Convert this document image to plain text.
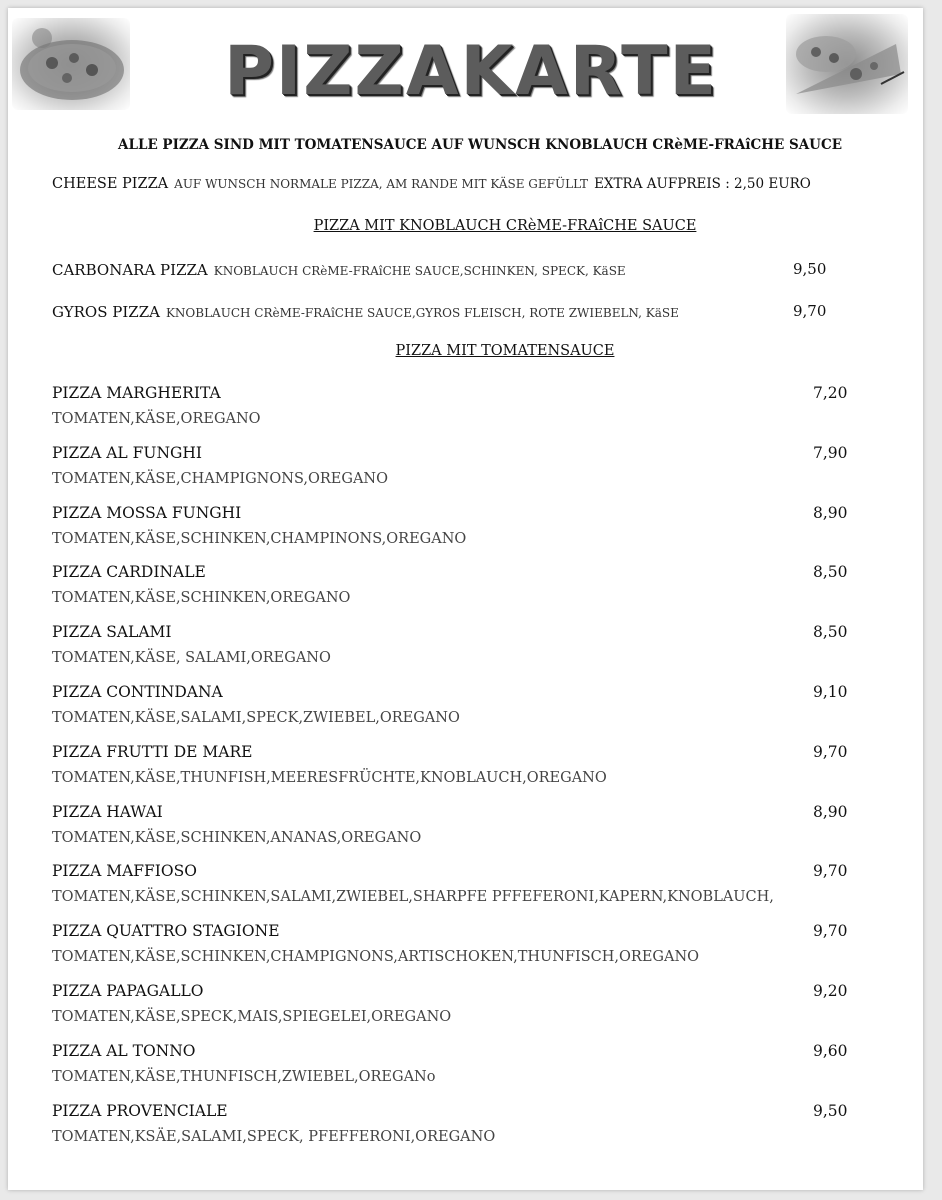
PIZZAKARTE
ALLE PIZZA SIND MIT TOMATENSAUCE AUF WUNSCH KNOBLAUCH CRèME-FRAîCHE SAUCE
CHEESE PIZZA AUF WUNSCH NORMALE PIZZA, AM RANDE MIT KÄSE GEFÜLLT EXTRA AUFPREIS : 2,50 EURO
PIZZA MIT KNOBLAUCH CRèME-FRAîCHE SAUCE
CARBONARA PIZZA KNOBLAUCH CRèME-FRAîCHE SAUCE,SCHINKEN, SPECK, KäSE	9,50
GYROS PIZZA KNOBLAUCH CRèME-FRAîCHE SAUCE,GYROS FLEISCH, ROTE ZWIEBELN, KäSE	9,70
PIZZA MIT TOMATENSAUCE
PIZZA MARGHERITA	7,20
TOMATEN,KÄSE,OREGANO
PIZZA AL FUNGHI	7,90
TOMATEN,KÄSE,CHAMPIGNONS,OREGANO
PIZZA MOSSA FUNGHI	8,90
TOMATEN,KÄSE,SCHINKEN,CHAMPINONS,OREGANO
PIZZA CARDINALE	8,50
TOMATEN,KÄSE,SCHINKEN,OREGANO
PIZZA SALAMI	8,50
TOMATEN,KÄSE, SALAMI,OREGANO
PIZZA CONTINDANA	9,10
TOMATEN,KÄSE,SALAMI,SPECK,ZWIEBEL,OREGANO
PIZZA FRUTTI DE MARE	9,70
TOMATEN,KÄSE,THUNFISH,MEERESFRÜCHTE,KNOBLAUCH,OREGANO
PIZZA HAWAI	8,90
TOMATEN,KÄSE,SCHINKEN,ANANAS,OREGANO
PIZZA MAFFIOSO	9,70
TOMATEN,KÄSE,SCHINKEN,SALAMI,ZWIEBEL,SHARPFE PFFEFERONI,KAPERN,KNOBLAUCH,
PIZZA QUATTRO STAGIONE	9,70
TOMATEN,KÄSE,SCHINKEN,CHAMPIGNONS,ARTISCHOKEN,THUNFISCH,OREGANO
PIZZA PAPAGALLO	9,20
TOMATEN,KÄSE,SPECK,MAIS,SPIEGELEI,OREGANO
PIZZA AL TONNO	9,60
TOMATEN,KÄSE,THUNFISCH,ZWIEBEL,OREGANo
PIZZA PROVENCIALE	9,50
TOMATEN,KSÄE,SALAMI,SPECK, PFEFFERONI,OREGANO
